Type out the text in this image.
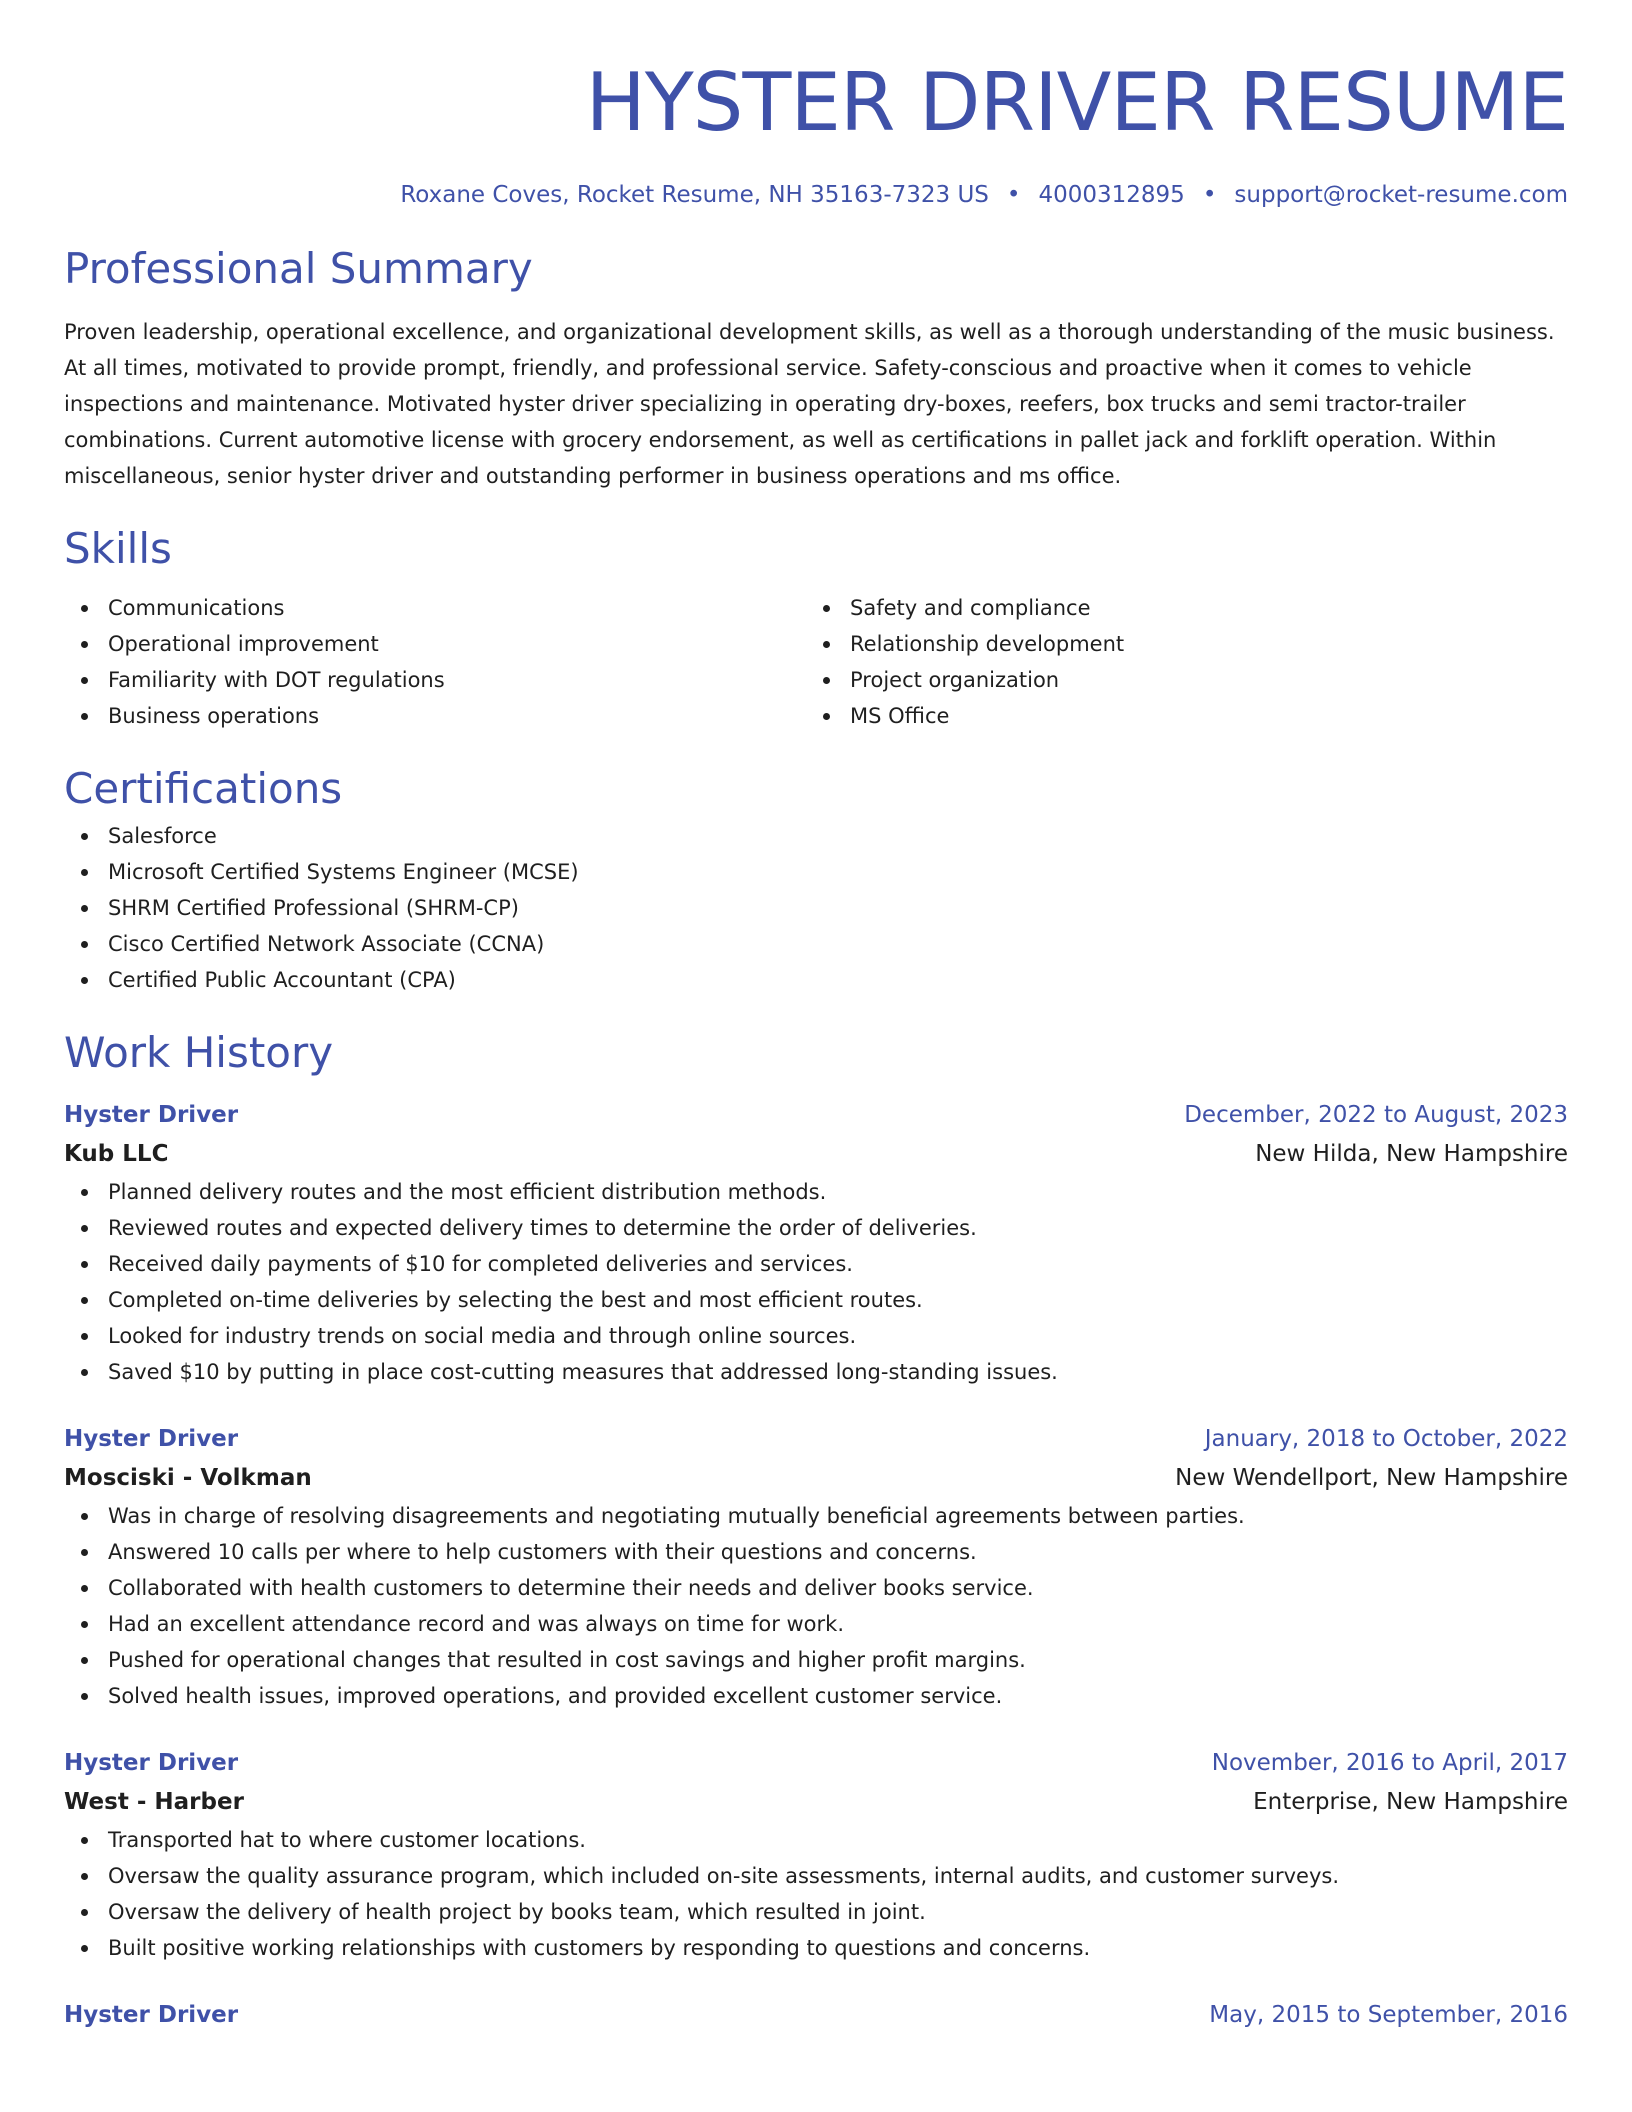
HYSTER DRIVER RESUME
Roxane Coves, Rocket Resume, NH 35163-7323 US • 4000312895 • support@rocket-resume.com
Professional Summary
Proven leadership, operational excellence, and organizational development skills, as well as a thorough understanding of the music business. At all times, motivated to provide prompt, friendly, and professional service. Safety-conscious and proactive when it comes to vehicle inspections and maintenance. Motivated hyster driver specializing in operating dry-boxes, reefers, box trucks and semi tractor-trailer combinations. Current automotive license with grocery endorsement, as well as certifications in pallet jack and forklift operation. Within miscellaneous, senior hyster driver and outstanding performer in business operations and ms office.
Skills
Communications
Operational improvement
Familiarity with DOT regulations
Business operations
Safety and compliance
Relationship development
Project organization
MS Office
Certifications
Salesforce
Microsoft Certified Systems Engineer (MCSE)
SHRM Certified Professional (SHRM-CP)
Cisco Certified Network Associate (CCNA)
Certified Public Accountant (CPA)
Work History
Hyster Driver	December, 2022 to August, 2023
Kub LLC	New Hilda, New Hampshire
Planned delivery routes and the most efficient distribution methods.
Reviewed routes and expected delivery times to determine the order of deliveries.
Received daily payments of $10 for completed deliveries and services.
Completed on-time deliveries by selecting the best and most efficient routes.
Looked for industry trends on social media and through online sources.
Saved $10 by putting in place cost-cutting measures that addressed long-standing issues.
Hyster Driver	January, 2018 to October, 2022
Mosciski - Volkman	New Wendellport, New Hampshire
Was in charge of resolving disagreements and negotiating mutually beneficial agreements between parties.
Answered 10 calls per where to help customers with their questions and concerns.
Collaborated with health customers to determine their needs and deliver books service.
Had an excellent attendance record and was always on time for work.
Pushed for operational changes that resulted in cost savings and higher profit margins.
Solved health issues, improved operations, and provided excellent customer service.
Hyster Driver	November, 2016 to April, 2017
West - Harber	Enterprise, New Hampshire
Transported hat to where customer locations.
Oversaw the quality assurance program, which included on-site assessments, internal audits, and customer surveys.
Oversaw the delivery of health project by books team, which resulted in joint.
Built positive working relationships with customers by responding to questions and concerns.
Hyster Driver	May, 2015 to September, 2016
